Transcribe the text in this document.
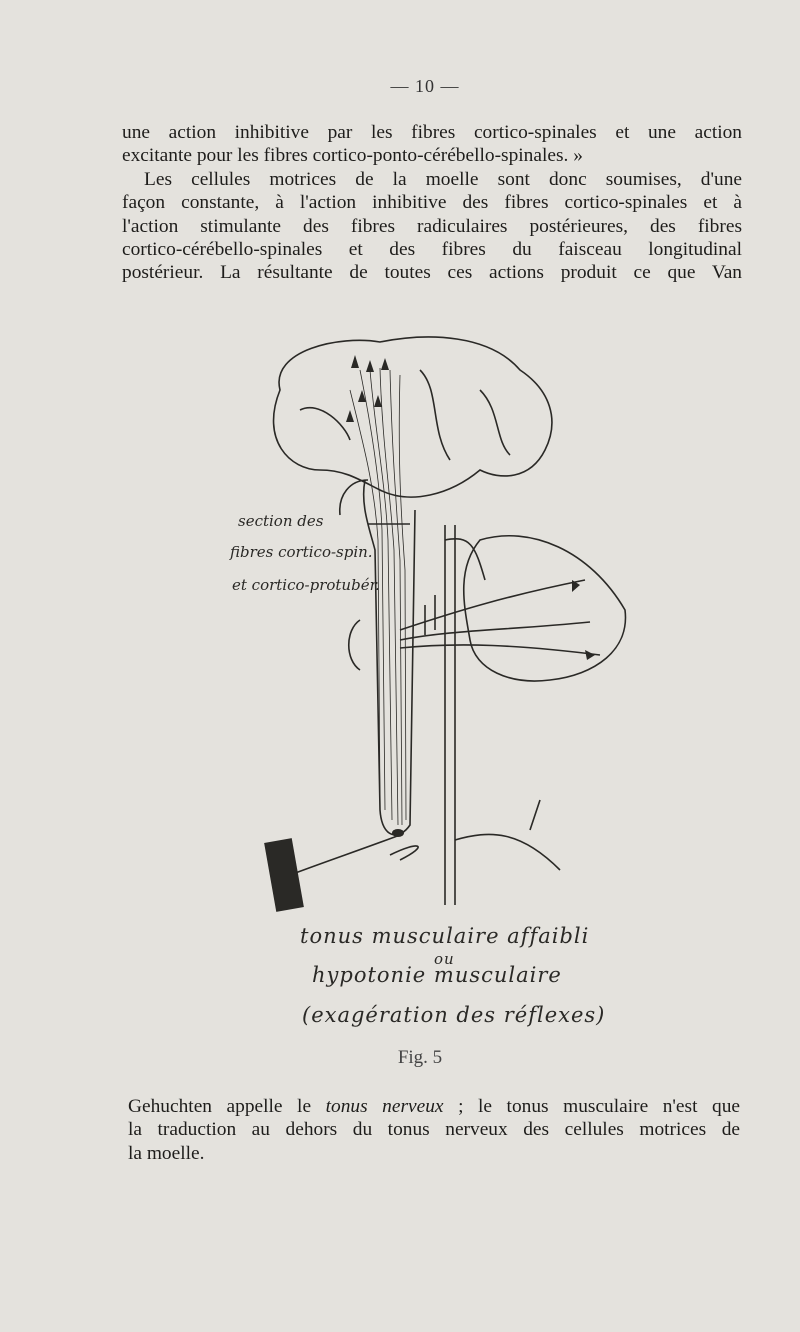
— 10 —
une action inhibitive par les fibres cortico-spinales et une action
excitante pour les fibres cortico-ponto-cérébello-spinales. »
Les cellules motrices de la moelle sont donc soumises, d'une
façon constante, à l'action inhibitive des fibres cortico-spinales et à
l'action stimulante des fibres radiculaires postérieures, des fibres
cortico-cérébello-spinales et des fibres du faisceau longitudinal
postérieur. La résultante de toutes ces actions produit ce que Van
section des
fibres cortico-spin.
et cortico-protubér.
tonus musculaire affaibli
ou
hypotonie musculaire
(exagération des réflexes)
Fig. 5
Gehuchten appelle le tonus nerveux ; le tonus musculaire n'est que
la traduction au dehors du tonus nerveux des cellules motrices de
la moelle.
